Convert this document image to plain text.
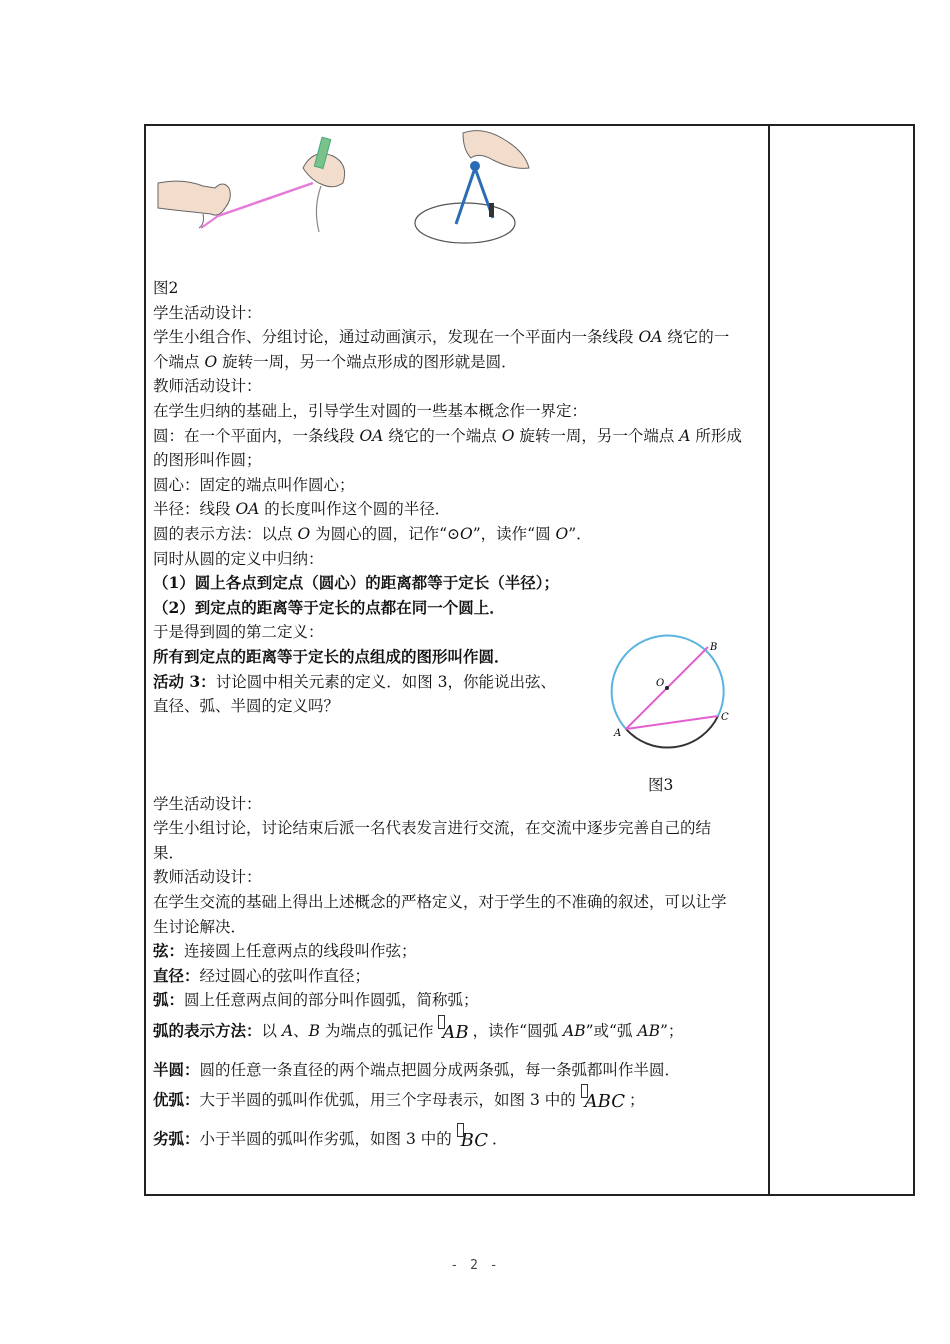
图2
学生活动设计：
学生小组合作、分组讨论，通过动画演示，发现在一个平面内一条线段 OA 绕它的一
个端点 O 旋转一周，另一个端点形成的图形就是圆．
教师活动设计：
在学生归纳的基础上，引导学生对圆的一些基本概念作一界定：
圆：在一个平面内，一条线段 OA 绕它的一个端点 O 旋转一周，另一个端点 A 所形成
的图形叫作圆；
圆心：固定的端点叫作圆心；
半径：线段 OA 的长度叫作这个圆的半径．
圆的表示方法：以点 O 为圆心的圆，记作“⊙O”，读作“圆 O”．
同时从圆的定义中归纳：
（1）圆上各点到定点（圆心）的距离都等于定长（半径）；
（2）到定点的距离等于定长的点都在同一个圆上．
于是得到圆的第二定义：
所有到定点的距离等于定长的点组成的图形叫作圆．
活动 3：讨论圆中相关元素的定义．如图 3，你能说出弦、
直径、弧、半圆的定义吗？
学生活动设计：
学生小组讨论，讨论结束后派一名代表发言进行交流，在交流中逐步完善自己的结
果．
教师活动设计：
在学生交流的基础上得出上述概念的严格定义，对于学生的不准确的叙述，可以让学
生讨论解决．
弦：连接圆上任意两点的线段叫作弦；
直径：经过圆心的弦叫作直径；
弧：圆上任意两点间的部分叫作圆弧，简称弧；
弧的表示方法：以 A、B 为端点的弧记作
AB ，读作“圆弧 AB”或“弧 AB”；
半圆：圆的任意一条直径的两个端点把圆分成两条弧，每一条弧都叫作半圆．
优弧：大于半圆的弧叫作优弧，用三个字母表示，如图 3 中的
ABC ；
劣弧：小于半圆的弧叫作劣弧，如图 3 中的
BC ．
O
B
A
C
图3
- 2 -
